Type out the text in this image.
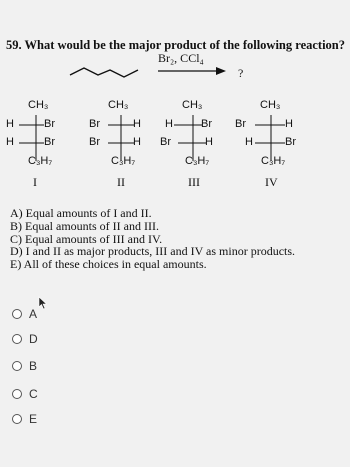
59. What would be the major product of the following reaction?
Br₂, CCl₄
?
CH₃
H	Br
H	Br
C₃H₇
I
CH₃
Br	H
Br	H
C₃H₇
II
CH₃
H	Br
Br	H
C₃H₇
III
CH₃
Br	H
H	Br
C₃H₇
IV
A) Equal amounts of I and II.
B) Equal amounts of II and III.
C) Equal amounts of III and IV.
D) I and II as major products, III and IV as minor products.
E) All of these choices in equal amounts.
A
D
B
C
E
